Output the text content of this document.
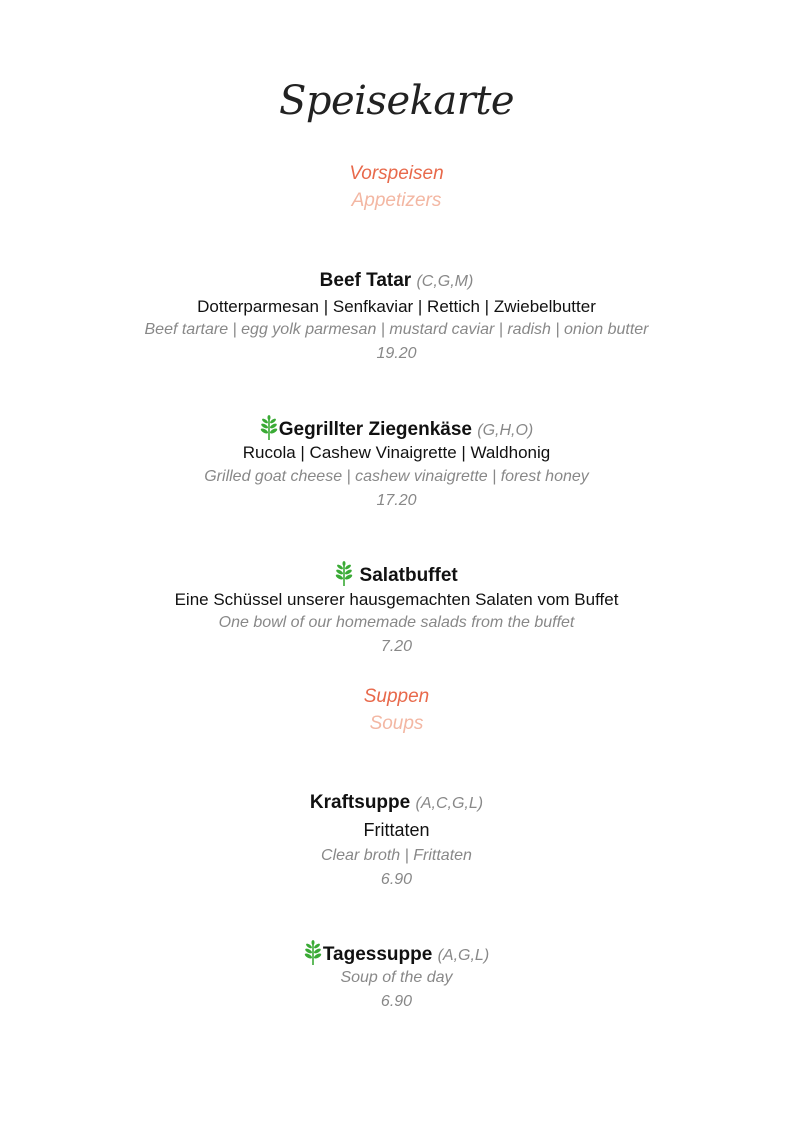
Speisekarte
Vorspeisen
Appetizers
Beef Tatar (C,G,M)
Dotterparmesan | Senfkaviar | Rettich | Zwiebelbutter
Beef tartare | egg yolk parmesan | mustard caviar | radish | onion butter
19.20
Gegrillter Ziegenkäse (G,H,O)
Rucola | Cashew Vinaigrette | Waldhonig
Grilled goat cheese | cashew vinaigrette | forest honey
17.20
Salatbuffet
Eine Schüssel unserer hausgemachten Salaten vom Buffet
One bowl of our homemade salads from the buffet
7.20
Suppen
Soups
Kraftsuppe (A,C,G,L)
Frittaten
Clear broth | Frittaten
6.90
Tagessuppe (A,G,L)
Soup of the day
6.90
